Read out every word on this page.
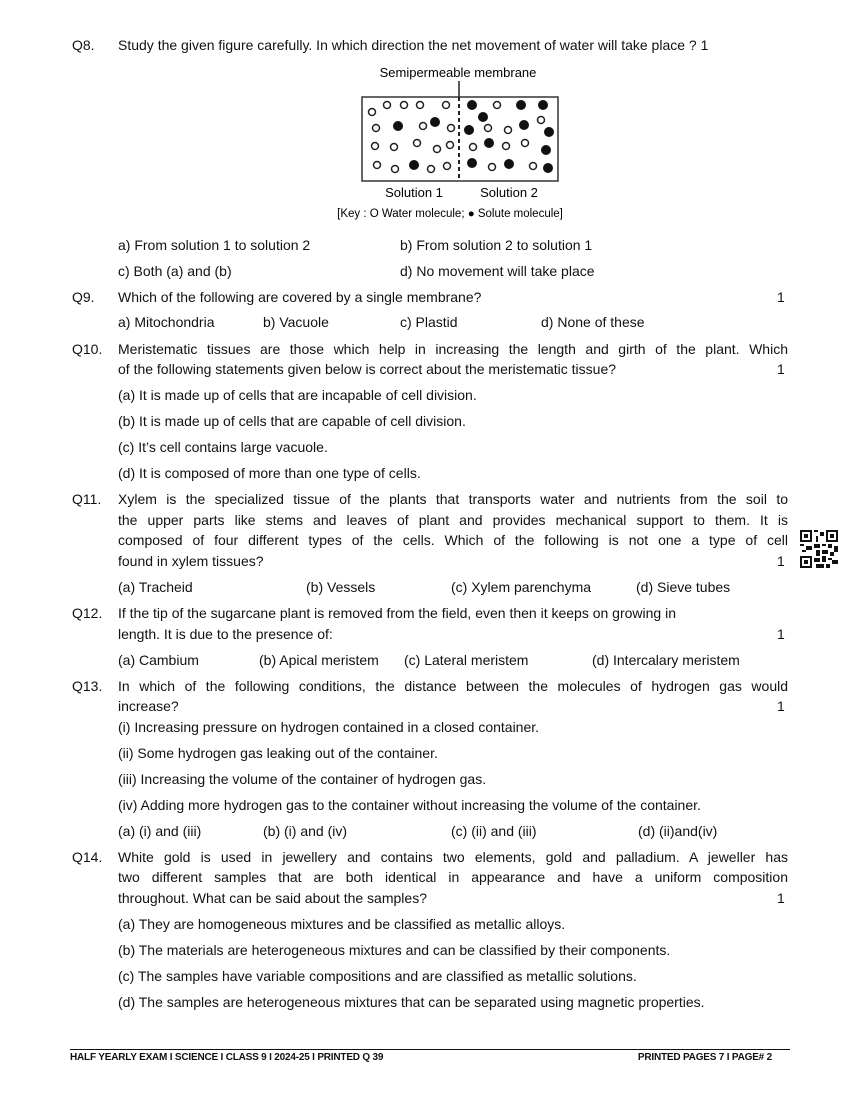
Q8. Study the given figure carefully. In which direction the net movement of water will take place ? 1
Semipermeable membrane
Solution 1	Solution 2
[Key : O Water molecule; ● Solute molecule]
a) From solution 1 to solution 2	b) From solution 2 to solution 1
c) Both (a) and (b)	d) No movement will take place
Q9. Which of the following are covered by a single membrane?	1
a) Mitochondria	b) Vacuole	c) Plastid	d) None of these
Q10. Meristematic tissues are those which help in increasing the length and girth of the plant. Which
of the following statements given below is correct about the meristematic tissue?	1
(a) It is made up of cells that are incapable of cell division.
(b) It is made up of cells that are capable of cell division.
(c) It’s cell contains large vacuole.
(d) It is composed of more than one type of cells.
Q11. Xylem is the specialized tissue of the plants that transports water and nutrients from the soil to
the upper parts like stems and leaves of plant and provides mechanical support to them. It is
composed of four different types of the cells. Which of the following is not one a type of cell
found in xylem tissues?	1
(a) Tracheid	(b) Vessels	(c) Xylem parenchyma	(d) Sieve tubes
Q12. If the tip of the sugarcane plant is removed from the field, even then it keeps on growing in
length. It is due to the presence of:	1
(a) Cambium	(b) Apical meristem (c) Lateral meristem	(d) Intercalary meristem
Q13. In which of the following conditions, the distance between the molecules of hydrogen gas would
increase?	1
(i) Increasing pressure on hydrogen contained in a closed container.
(ii) Some hydrogen gas leaking out of the container.
(iii) Increasing the volume of the container of hydrogen gas.
(iv) Adding more hydrogen gas to the container without increasing the volume of the container.
(a) (i) and (iii)	(b) (i) and (iv)	(c) (ii) and (iii)	(d) (ii)and(iv)
Q14. White gold is used in jewellery and contains two elements, gold and palladium. A jeweller has
two different samples that are both identical in appearance and have a uniform composition
throughout. What can be said about the samples?	1
(a) They are homogeneous mixtures and be classified as metallic alloys.
(b) The materials are heterogeneous mixtures and can be classified by their components.
(c) The samples have variable compositions and are classified as metallic solutions.
(d) The samples are heterogeneous mixtures that can be separated using magnetic properties.
HALF YEARLY EXAM I SCIENCE I CLASS 9 I 2024-25 I PRINTED Q 39	PRINTED PAGES 7 I PAGE# 2
